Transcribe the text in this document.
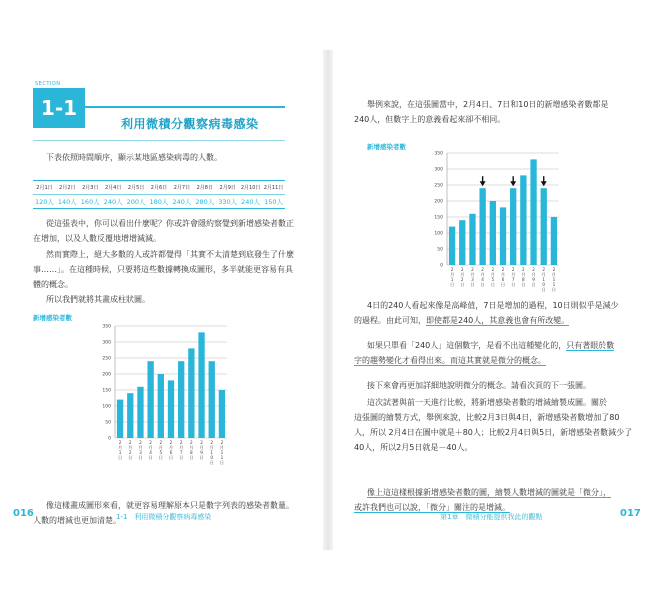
SECTION
1-1
利用微積分觀察病毒感染
下表依照時間順序，顯示某地區感染病毒的人數。
2月1日	2月2日	2月3日	2月4日	2月5日	2月6日	2月7日	2月8日	2月9日 2月10日 2月11日
120人 140人 160人 240人 200人 180人 240人 280人 330人 240人 150人
從這張表中，你可以看出什麼呢？你或許會隱約察覺到新增感染者數正
在增加，以及人數反覆地增增減減。
然而實際上，絕大多數的人或許都覺得「其實不太清楚到底發生了什麼
事……」。在這種時候，只要將這些數據轉換成圖形，多半就能更容易有具
體的概念。
所以我們就將其畫成柱狀圖。
新增感染者數
0
50
100
150
200
250
300
350
2 月 1 日
2 月 2 日
2 月 3 日
2 月 4 日
2 月 5 日
2 月 6 日
2 月 7 日
2 月 8 日
2 月 9 日
2 月 1 0 日
2 月 1 1 日
像這樣畫成圖形來看，就更容易理解原本只是數字列表的感染者數量。
人數的增減也更加清楚。
016	1-1　利用微積分觀察病毒感染
舉例來說，在這張圖當中，2月4日、7日和10日的新增感染者數都是
240人，但數字上的意義看起來卻不相同。
新增感染者數
0
50
100
150
200
250
300
350
2 月 1 日
2 月 2 日
2 月 3 日
2 月 4 日
2 月 5 日
2 月 6 日
2 月 7 日
2 月 8 日
2 月 9 日
2 月 1 0 日
2 月 1 1 日
4日的240人看起來像是高峰值，7日是增加的過程，10日則似乎是減少
的過程。由此可知，即使都是240人，其意義也會有所改變。
如果只單看「240人」這個數字，是看不出這種變化的，只有著眼於數
字的趨勢變化才看得出來。而這其實就是微分的概念。
接下來會再更加詳細地說明微分的概念。請看次頁的下一張圖。
這次試著與前一天進行比較，將新增感染者數的增減繪製成圖。關於
這張圖的繪製方式，舉例來說，比較2月3日與4日，新增感染者數增加了80
人，所以 2月4日在圖中就是＋80人；比較2月4日與5日，新增感染者數減少了
40人，所以2月5日就是－40人。
像上這這樣根據新增感染者數的圖，繪製人數增減的圖就是「微分」，
或許我們也可以說，「微分」關注的是增減。
第1章　微積分能提供我此的觀點	017
